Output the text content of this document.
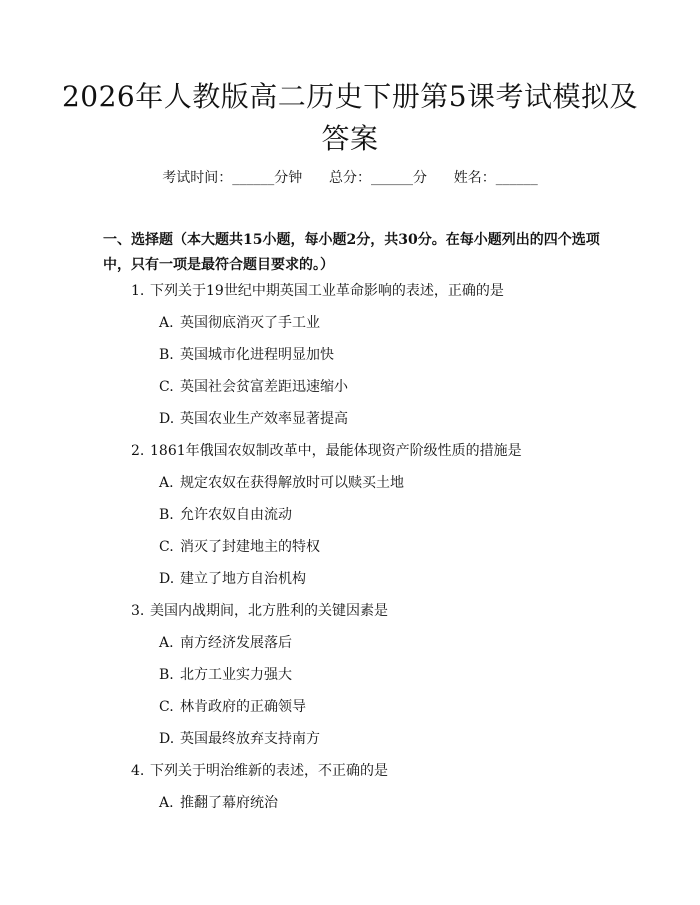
2026年人教版高二历史下册第5课考试模拟及答案
考试时间：______分钟 总分：______分 姓名：______

一、选择题（本大题共15小题，每小题2分，共30分。在每小题列出的四个选项中，只有一项是最符合题目要求的。）

1. 下列关于19世纪中期英国工业革命影响的表述，正确的是
A. 英国彻底消灭了手工业
B. 英国城市化进程明显加快
C. 英国社会贫富差距迅速缩小
D. 英国农业生产效率显著提高
2. 1861年俄国农奴制改革中，最能体现资产阶级性质的措施是
A. 规定农奴在获得解放时可以赎买土地
B. 允许农奴自由流动
C. 消灭了封建地主的特权
D. 建立了地方自治机构
3. 美国内战期间，北方胜利的关键因素是
A. 南方经济发展落后
B. 北方工业实力强大
C. 林肯政府的正确领导
D. 英国最终放弃支持南方
4. 下列关于明治维新的表述，不正确的是
A. 推翻了幕府统治
